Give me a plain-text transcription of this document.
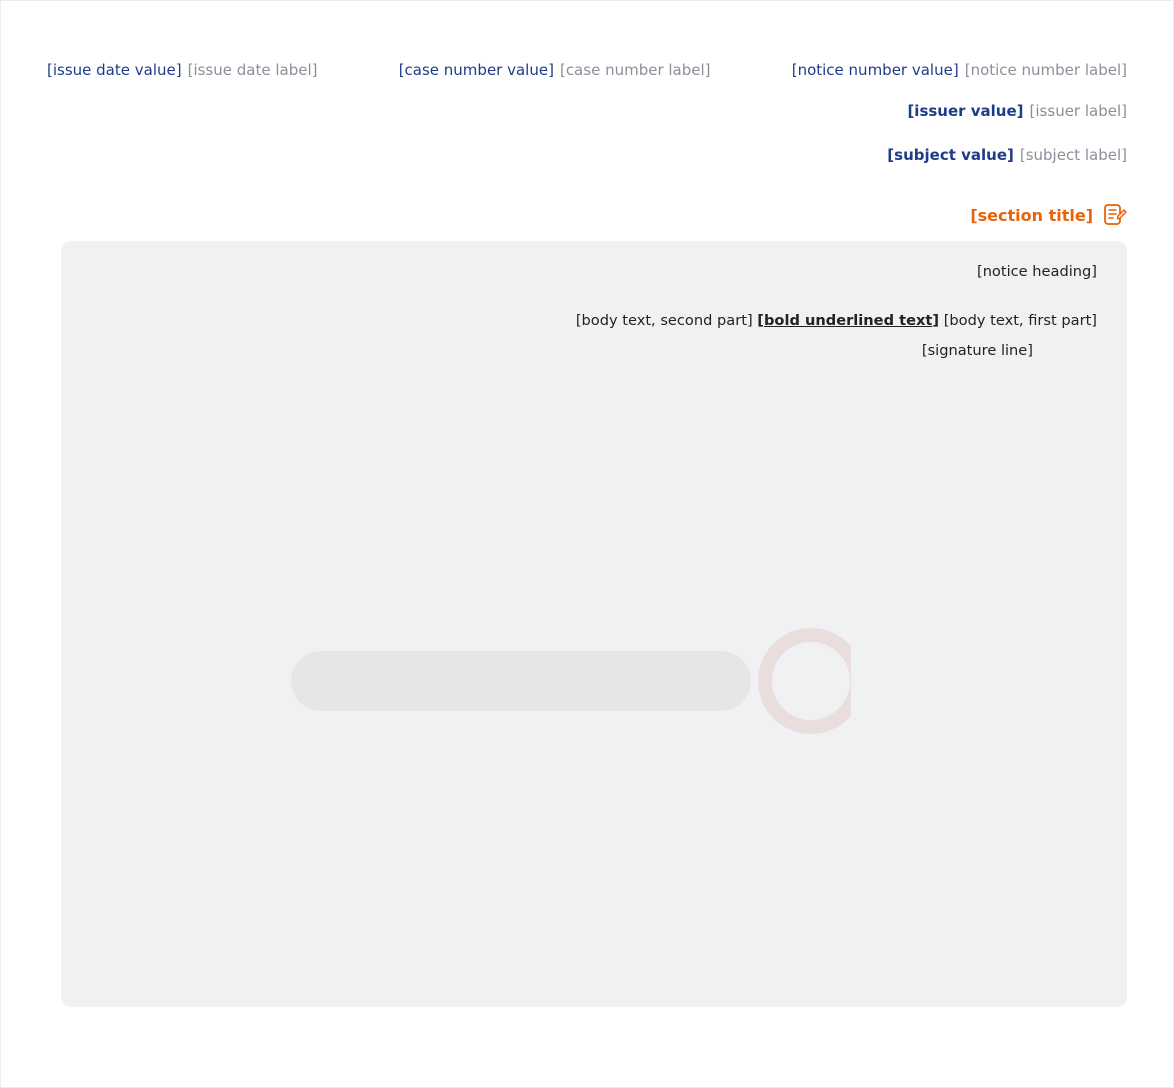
[notice number label]
[notice number value]
[case number label]
[case number value]
[issue date label]
[issue date value]
[issuer label]
[issuer value]
[subject label]
[subject value]
[section title]

[notice heading]

[body text, first part] [bold underlined text] [body text, second part]

[signature line]
